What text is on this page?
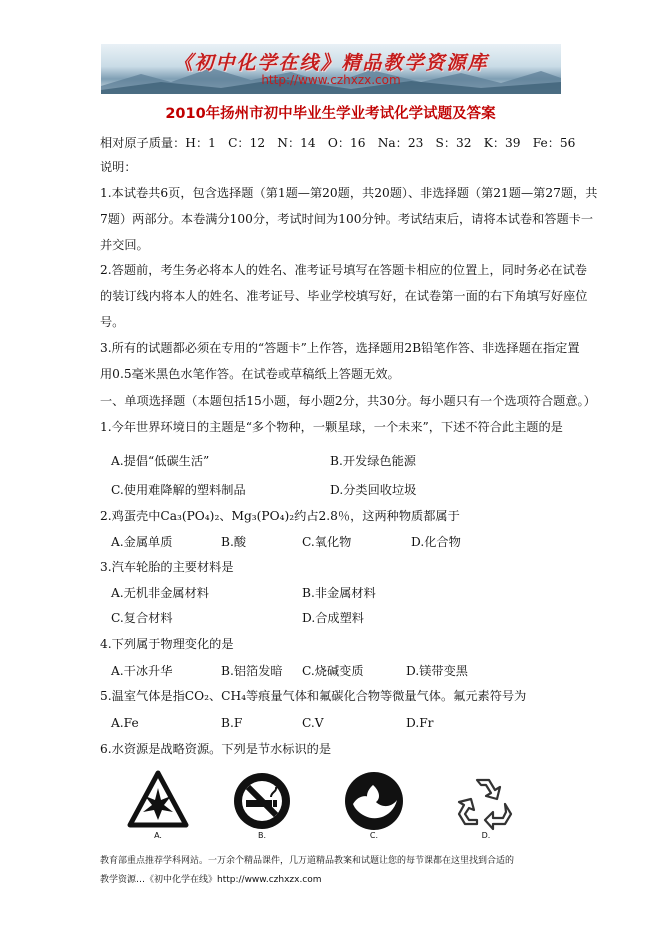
《初中化学在线》精品教学资源库
http://www.czhxzx.com
2010年扬州市初中毕业生学业考试化学试题及答案
相对原子质量：H：1　C：12　N：14　O：16　Na：23　S：32　K：39　Fe：56
说明：
1.本试卷共6页，包含选择题（第1题—第20题，共20题）、非选择题（第21题—第27题，共
7题）两部分。本卷满分100分，考试时间为100分钟。考试结束后，请将本试卷和答题卡一
并交回。
2.答题前，考生务必将本人的姓名、准考证号填写在答题卡相应的位置上，同时务必在试卷
的装订线内将本人的姓名、准考证号、毕业学校填写好，在试卷第一面的右下角填写好座位
号。
3.所有的试题都必须在专用的“答题卡”上作答，选择题用2B铅笔作答、非选择题在指定置
用0.5毫米黑色水笔作答。在试卷或草稿纸上答题无效。
一、单项选择题（本题包括15小题，每小题2分，共30分。每小题只有一个选项符合题意。）
1.今年世界环境日的主题是“多个物种，一颗星球，一个未来”，下述不符合此主题的是
A.提倡“低碳生活”	B.开发绿色能源
C.使用难降解的塑料制品	D.分类回收垃圾
2.鸡蛋壳中Ca₃(PO₄)₂、Mg₃(PO₄)₂约占2.8％，这两种物质都属于
A.金属单质	B.酸	C.氧化物	D.化合物
3.汽车轮胎的主要材料是
A.无机非金属材料	B.非金属材料
C.复合材料	D.合成塑料
4.下列属于物理变化的是
A.干冰升华	B.铝箔发暗 C.烧碱变质	D.镁带变黑
5.温室气体是指CO₂、CH₄等痕量气体和氟碳化合物等微量气体。氟元素符号为
A.Fe	B.F	C.V	D.Fr
6.水资源是战略资源。下列是节水标识的是
A.	B.	C.	D.
教育部重点推荐学科网站。一万余个精品课件，几万道精品教案和试题让您的每节课都在这里找到合适的
教学资源…《初中化学在线》http://www.czhxzx.com
